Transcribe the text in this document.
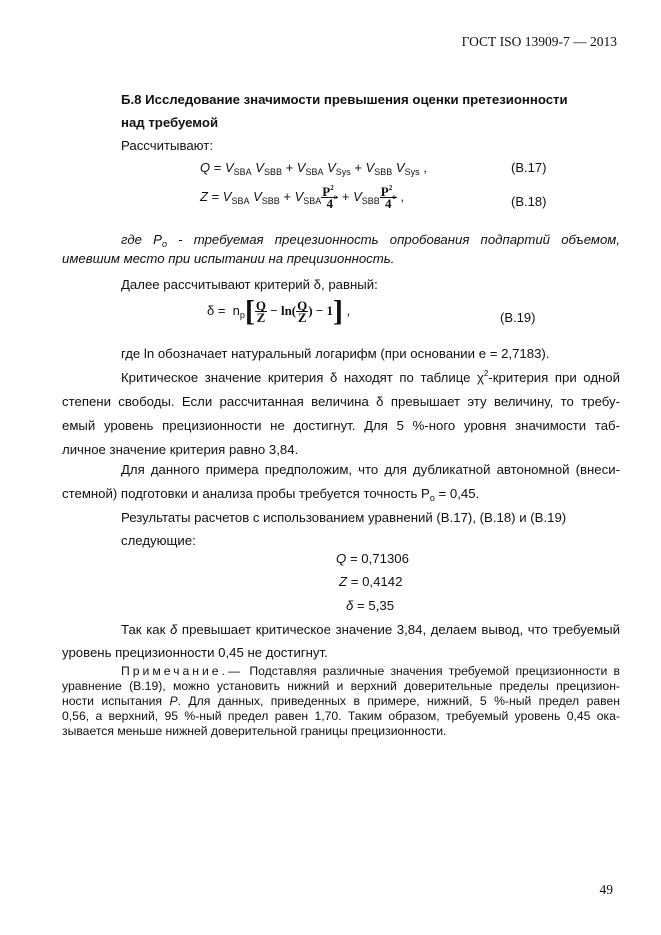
ГОСТ ISO 13909-7 — 2013
Б.8 Исследование значимости превышения оценки претезионности
над требуемой
Рассчитывают:
$Q = V_{SBA}$ $V_{SBB} + V_{SBA}$ $V_{Sys} + V_{SBB}$ $V_{Sys}$ ,	(В.17)
$Z = V_{SBA}$ $V_{SBB} + V_{SBA} \frac{P^2_o}{4} + V_{SBB} \frac{P^2_o}{4}$ ,	(В.18)
где $P_o$ - требуемая прецезионность опробования подпартий объемом,
имевшим место при испытании на прецизионность.
Далее рассчитывают критерий δ, равный:
$\delta = n_p[ \frac{Q}{Z} - \ln( \frac{Q}{Z}$ ) − 1] ,	(В.19)
где ln обозначает натуральный логарифм (при основании e = 2,7183).
Критическое значение критерия δ находят по таблице $\chi^2$-критерия при одной
степени свободы. Если рассчитанная величина δ превышает эту величину, то требу-
емый уровень прецизионности не достигнут. Для 5 %-ного уровня значимости таб-
личное значение критерия равно 3,84.
Для данного примера предположим, что для дубликатной автономной (внеси-
стемной) подготовки и анализа пробы требуется точность $P_o = 0,45$.
Результаты расчетов с использованием уравнений (В.17), (В.18) и (В.19)
следующие:
Q = 0,71306
Z = 0,4142
δ = 5,35
Так как δ превышает критическое значение 3,84, делаем вывод, что требуемый
уровень прецизионности 0,45 не достигнут.
Примечание.— Подставляя различные значения требуемой прецизионности в
уравнение (В.19), можно установить нижний и верхний доверительные пределы прецизион-
ности испытания P. Для данных, приведенных в примере, нижний, 5 %-ный предел равен
0,56, а верхний, 95 %-ный предел равен 1,70. Таким образом, требуемый уровень 0,45 ока-
зывается меньше нижней доверительной границы прецизионности.
49
